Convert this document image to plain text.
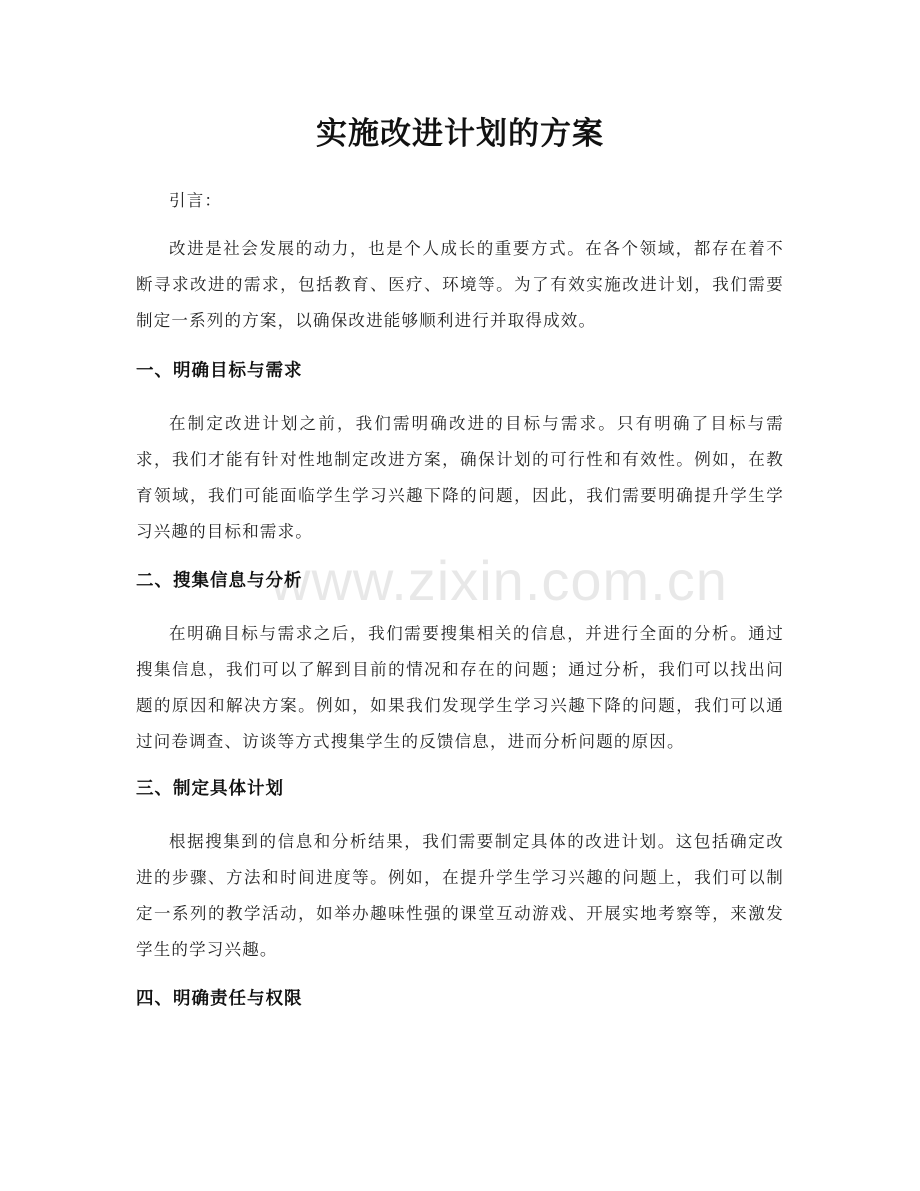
实施改进计划的方案
引言：
改进是社会发展的动力，也是个人成长的重要方式。在各个领域，都存在着不断寻求改进的需求，包括教育、医疗、环境等。为了有效实施改进计划，我们需要制定一系列的方案，以确保改进能够顺利进行并取得成效。
一、明确目标与需求
在制定改进计划之前，我们需明确改进的目标与需求。只有明确了目标与需求，我们才能有针对性地制定改进方案，确保计划的可行性和有效性。例如，在教育领域，我们可能面临学生学习兴趣下降的问题，因此，我们需要明确提升学生学习兴趣的目标和需求。
二、搜集信息与分析
在明确目标与需求之后，我们需要搜集相关的信息，并进行全面的分析。通过搜集信息，我们可以了解到目前的情况和存在的问题；通过分析，我们可以找出问题的原因和解决方案。例如，如果我们发现学生学习兴趣下降的问题，我们可以通过问卷调查、访谈等方式搜集学生的反馈信息，进而分析问题的原因。
三、制定具体计划
根据搜集到的信息和分析结果，我们需要制定具体的改进计划。这包括确定改进的步骤、方法和时间进度等。例如，在提升学生学习兴趣的问题上，我们可以制定一系列的教学活动，如举办趣味性强的课堂互动游戏、开展实地考察等，来激发学生的学习兴趣。
四、明确责任与权限
www.zixin.com.cn
